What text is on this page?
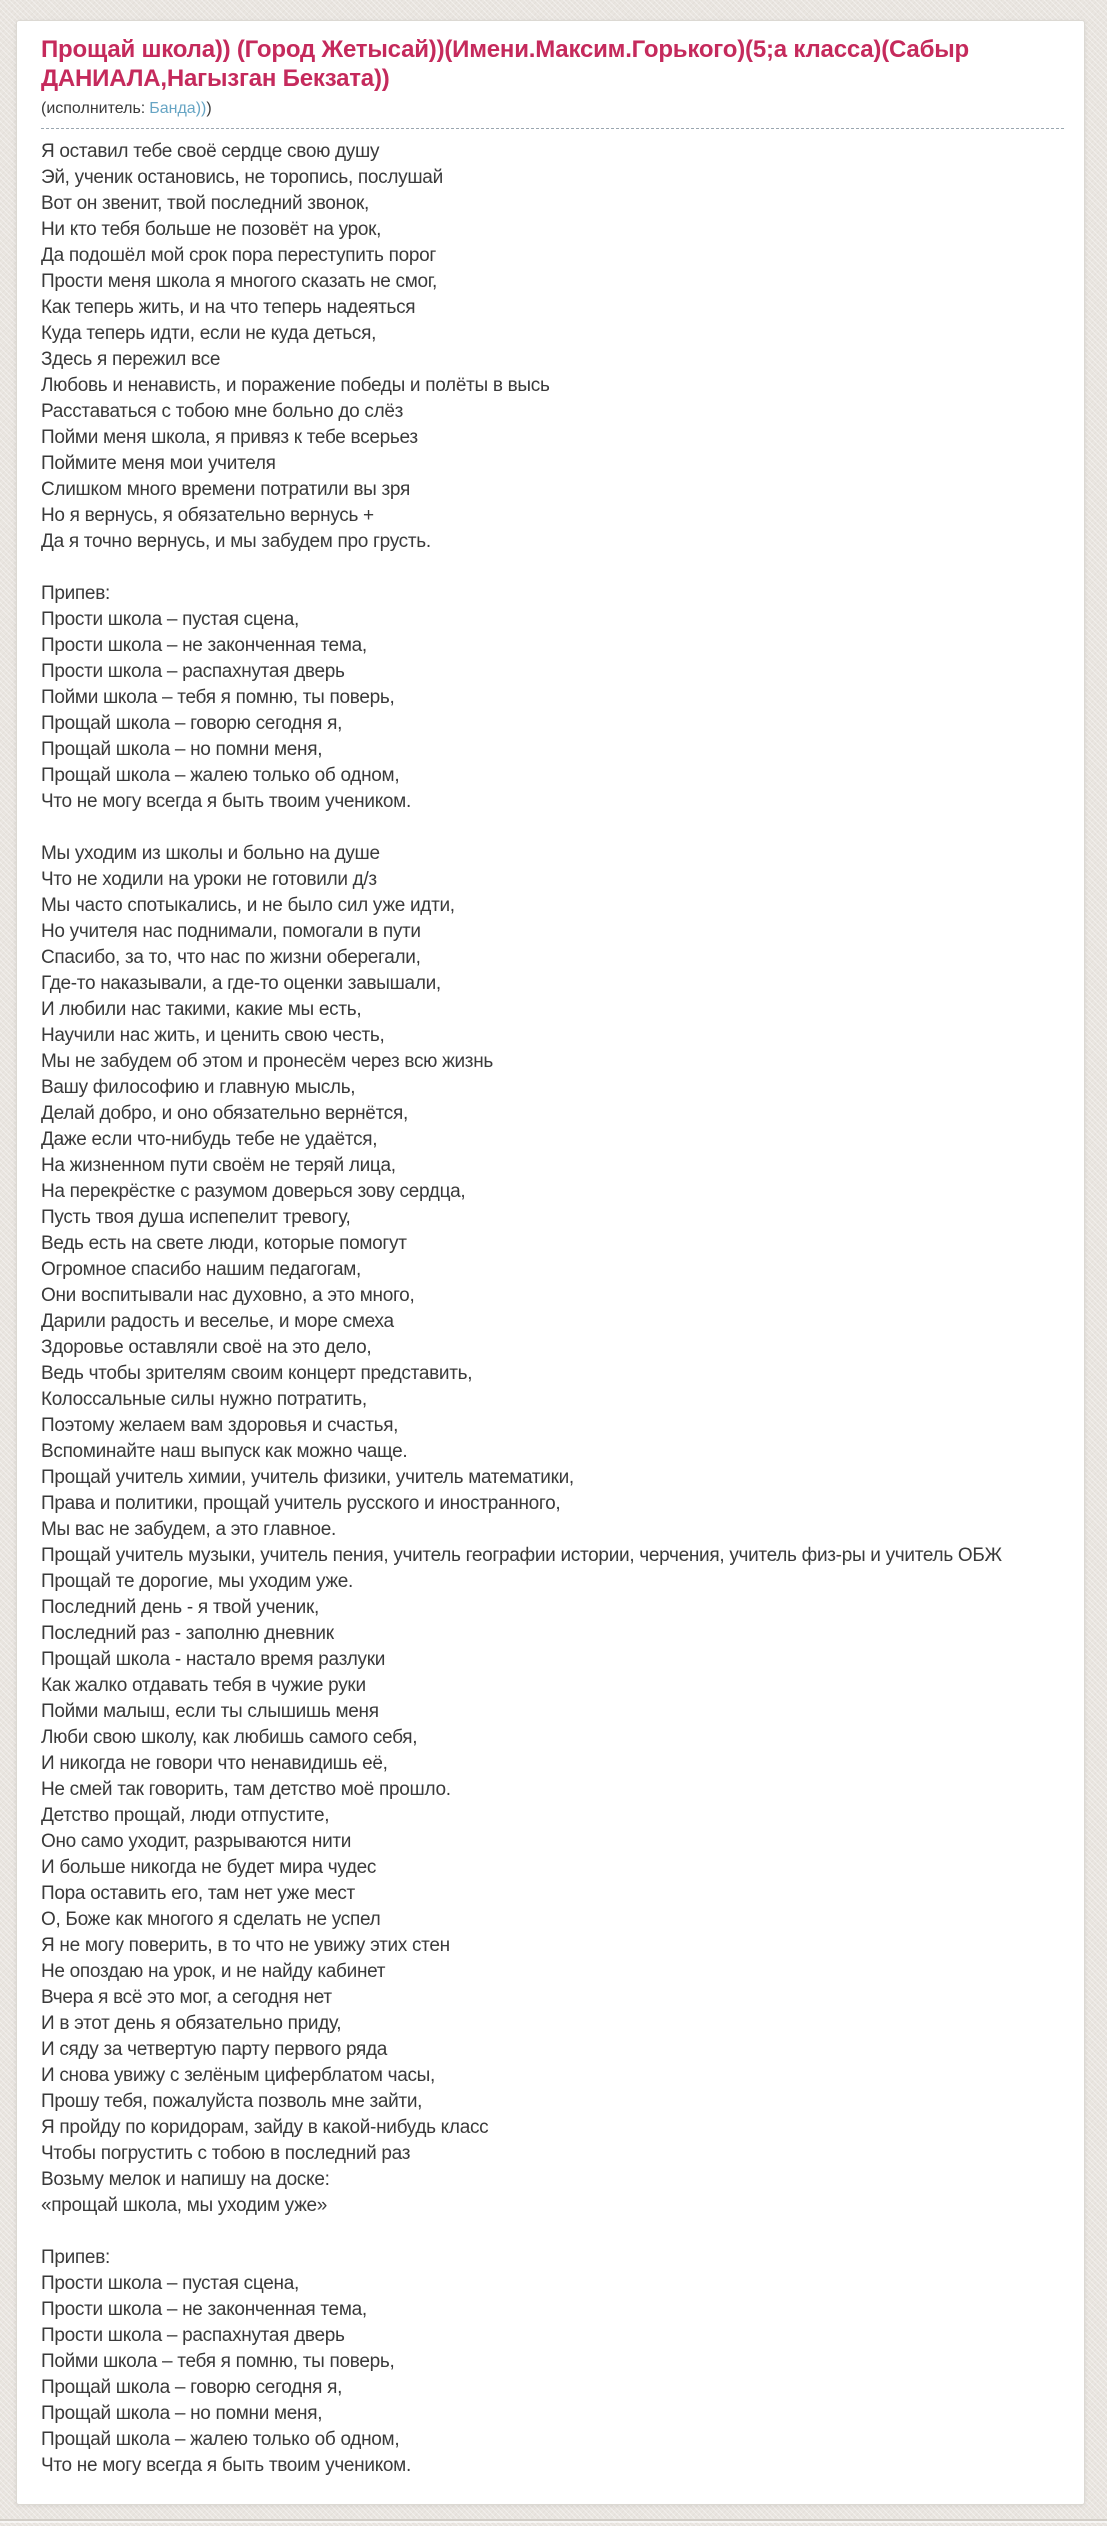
Прощай школа)) (Город Жетысай))(Имени.Максим.Горького)(5;а класса)(Сабыр ДАНИАЛА,Нагызган Бекзата))
(исполнитель: Банда)))
Я оставил тебе своё сердце свою душу
Эй, ученик остановись, не торопись, послушай
Вот он звенит, твой последний звонок,
Ни кто тебя больше не позовёт на урок,
Да подошёл мой срок пора переступить порог
Прости меня школа я многого сказать не смог,
Как теперь жить, и на что теперь надеяться
Куда теперь идти, если не куда деться,
Здесь я пережил все
Любовь и ненависть, и поражение победы и полёты в высь
Расставаться с тобою мне больно до слёз
Пойми меня школа, я привяз к тебе всерьез
Поймите меня мои учителя
Слишком много времени потратили вы зря
Но я вернусь, я обязательно вернусь +
Да я точно вернусь, и мы забудем про грусть.
Припев:
Прости школа – пустая сцена,
Прости школа – не законченная тема,
Прости школа – распахнутая дверь
Пойми школа – тебя я помню, ты поверь,
Прощай школа – говорю сегодня я,
Прощай школа – но помни меня,
Прощай школа – жалею только об одном,
Что не могу всегда я быть твоим учеником.
Мы уходим из школы и больно на душе
Что не ходили на уроки не готовили д/з
Мы часто спотыкались, и не было сил уже идти,
Но учителя нас поднимали, помогали в пути
Спасибо, за то, что нас по жизни оберегали,
Где-то наказывали, а где-то оценки завышали,
И любили нас такими, какие мы есть,
Научили нас жить, и ценить свою честь,
Мы не забудем об этом и пронесём через всю жизнь
Вашу философию и главную мысль,
Делай добро, и оно обязательно вернётся,
Даже если что-нибудь тебе не удаётся,
На жизненном пути своём не теряй лица,
На перекрёстке с разумом доверься зову сердца,
Пусть твоя душа испепелит тревогу,
Ведь есть на свете люди, которые помогут
Огромное спасибо нашим педагогам,
Они воспитывали нас духовно, а это много,
Дарили радость и веселье, и море смеха
Здоровье оставляли своё на это дело,
Ведь чтобы зрителям своим концерт представить,
Колоссальные силы нужно потратить,
Поэтому желаем вам здоровья и счастья,
Вспоминайте наш выпуск как можно чаще.
Прощай учитель химии, учитель физики, учитель математики,
Права и политики, прощай учитель русского и иностранного,
Мы вас не забудем, а это главное.
Прощай учитель музыки, учитель пения, учитель географии истории, черчения, учитель физ-ры и учитель ОБЖ
Прощай те дорогие, мы уходим уже.
Последний день - я твой ученик,
Последний раз - заполню дневник
Прощай школа - настало время разлуки
Как жалко отдавать тебя в чужие руки
Пойми малыш, если ты слышишь меня
Люби свою школу, как любишь самого себя,
И никогда не говори что ненавидишь её,
Не смей так говорить, там детство моё прошло.
Детство прощай, люди отпустите,
Оно само уходит, разрываются нити
И больше никогда не будет мира чудес
Пора оставить его, там нет уже мест
О, Боже как многого я сделать не успел
Я не могу поверить, в то что не увижу этих стен
Не опоздаю на урок, и не найду кабинет
Вчера я всё это мог, а сегодня нет
И в этот день я обязательно приду,
И сяду за четвертую парту первого ряда
И снова увижу с зелёным циферблатом часы,
Прошу тебя, пожалуйста позволь мне зайти,
Я пройду по коридорам, зайду в какой-нибудь класс
Чтобы погрустить с тобою в последний раз
Возьму мелок и напишу на доске:
«прощай школа, мы уходим уже»
Припев:
Прости школа – пустая сцена,
Прости школа – не законченная тема,
Прости школа – распахнутая дверь
Пойми школа – тебя я помню, ты поверь,
Прощай школа – говорю сегодня я,
Прощай школа – но помни меня,
Прощай школа – жалею только об одном,
Что не могу всегда я быть твоим учеником.
